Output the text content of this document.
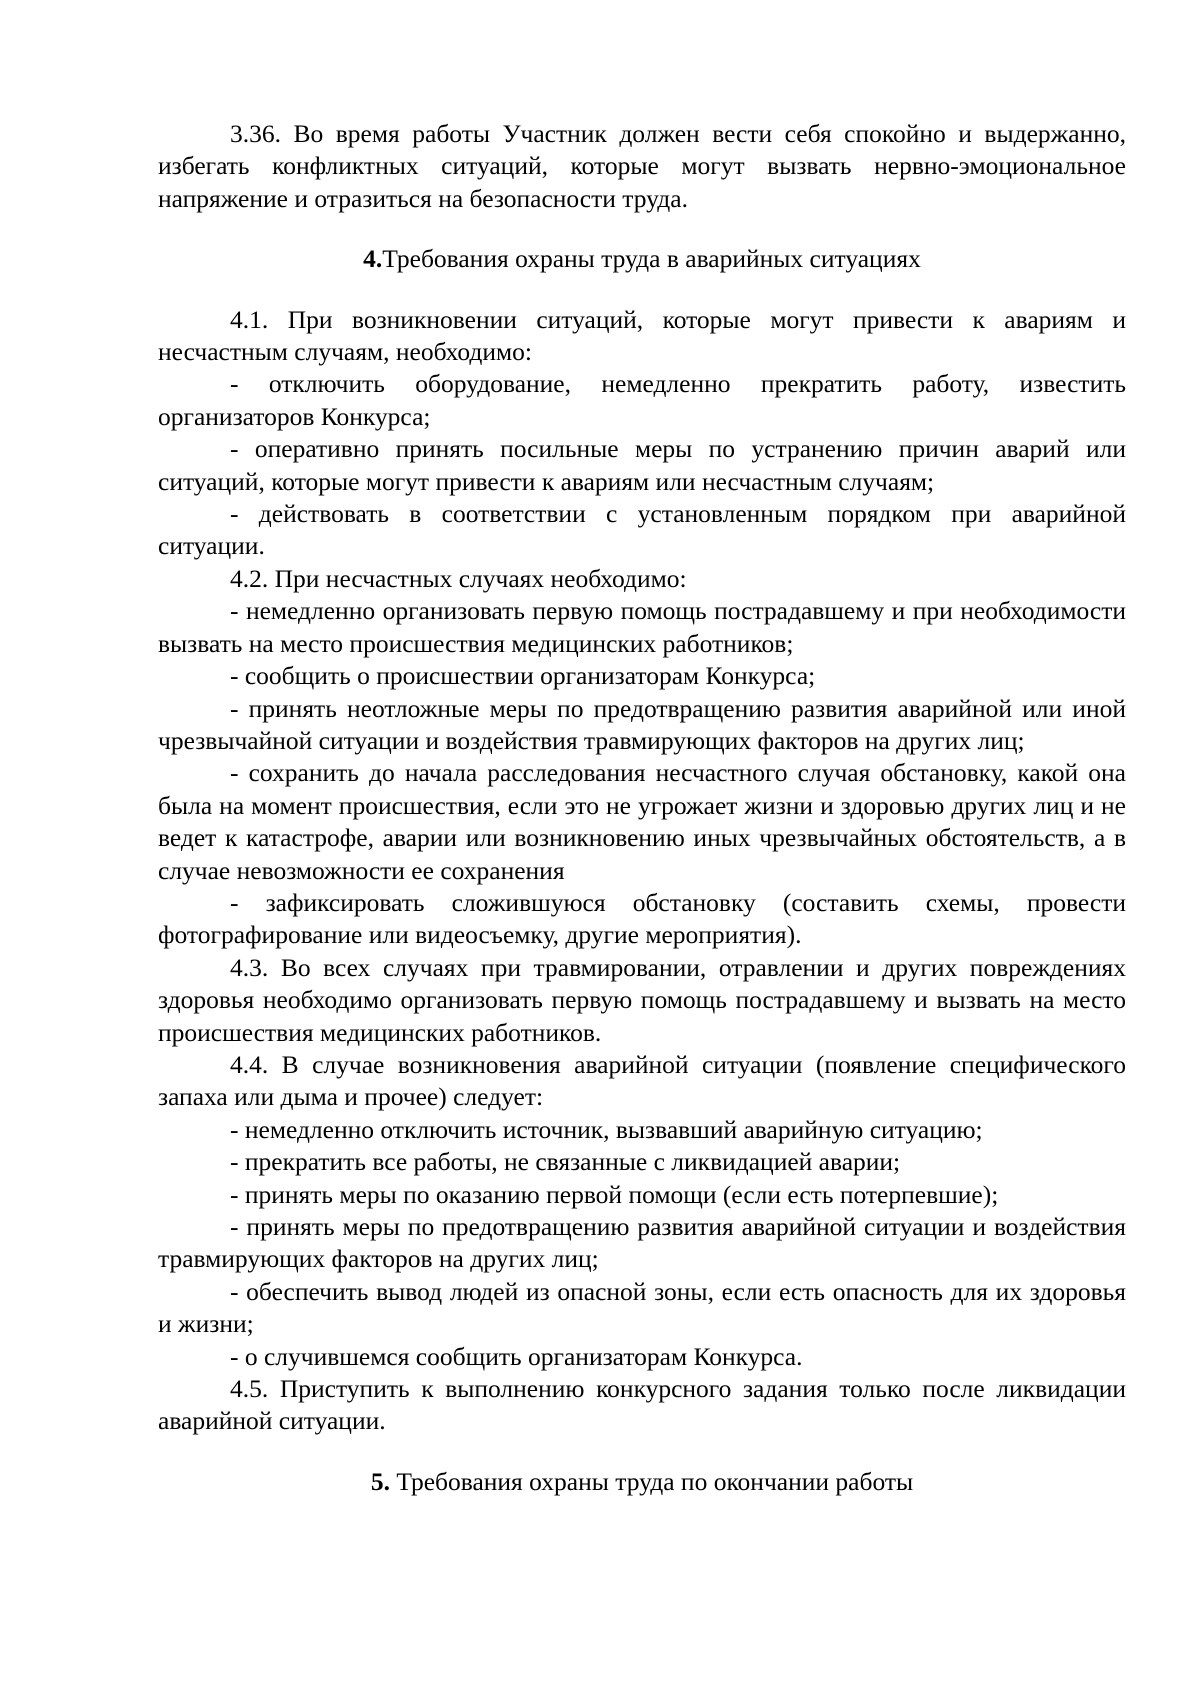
3.36. Во время работы Участник должен вести себя спокойно и выдержанно, избегать конфликтных ситуаций, которые могут вызвать нервно-эмоциональное напряжение и отразиться на безопасности труда.

4.Требования охраны труда в аварийных ситуациях

4.1. При возникновении ситуаций, которые могут привести к авариям и несчастным случаям, необходимо:

- отключить оборудование, немедленно прекратить работу, известить организаторов Конкурса;

- оперативно принять посильные меры по устранению причин аварий или ситуаций, которые могут привести к авариям или несчастным случаям;

- действовать в соответствии с установленным порядком при аварийной ситуации.

4.2. При несчастных случаях необходимо:

- немедленно организовать первую помощь пострадавшему и при необходимости вызвать на место происшествия медицинских работников;

- сообщить о происшествии организаторам Конкурса;

- принять неотложные меры по предотвращению развития аварийной или иной чрезвычайной ситуации и воздействия травмирующих факторов на других лиц;

- сохранить до начала расследования несчастного случая обстановку, какой она была на момент происшествия, если это не угрожает жизни и здоровью других лиц и не ведет к катастрофе, аварии или возникновению иных чрезвычайных обстоятельств, а в случае невозможности ее сохранения

- зафиксировать сложившуюся обстановку (составить схемы, провести фотографирование или видеосъемку, другие мероприятия).

4.3. Во всех случаях при травмировании, отравлении и других повреждениях здоровья необходимо организовать первую помощь пострадавшему и вызвать на место происшествия медицинских работников.

4.4. В случае возникновения аварийной ситуации (появление специфического запаха или дыма и прочее) следует:

- немедленно отключить источник, вызвавший аварийную ситуацию;

- прекратить все работы, не связанные с ликвидацией аварии;

- принять меры по оказанию первой помощи (если есть потерпевшие);

- принять меры по предотвращению развития аварийной ситуации и воздействия травмирующих факторов на других лиц;

- обеспечить вывод людей из опасной зоны, если есть опасность для их здоровья и жизни;

- о случившемся сообщить организаторам Конкурса.

4.5. Приступить к выполнению конкурсного задания только после ликвидации аварийной ситуации.

5. Требования охраны труда по окончании работы
